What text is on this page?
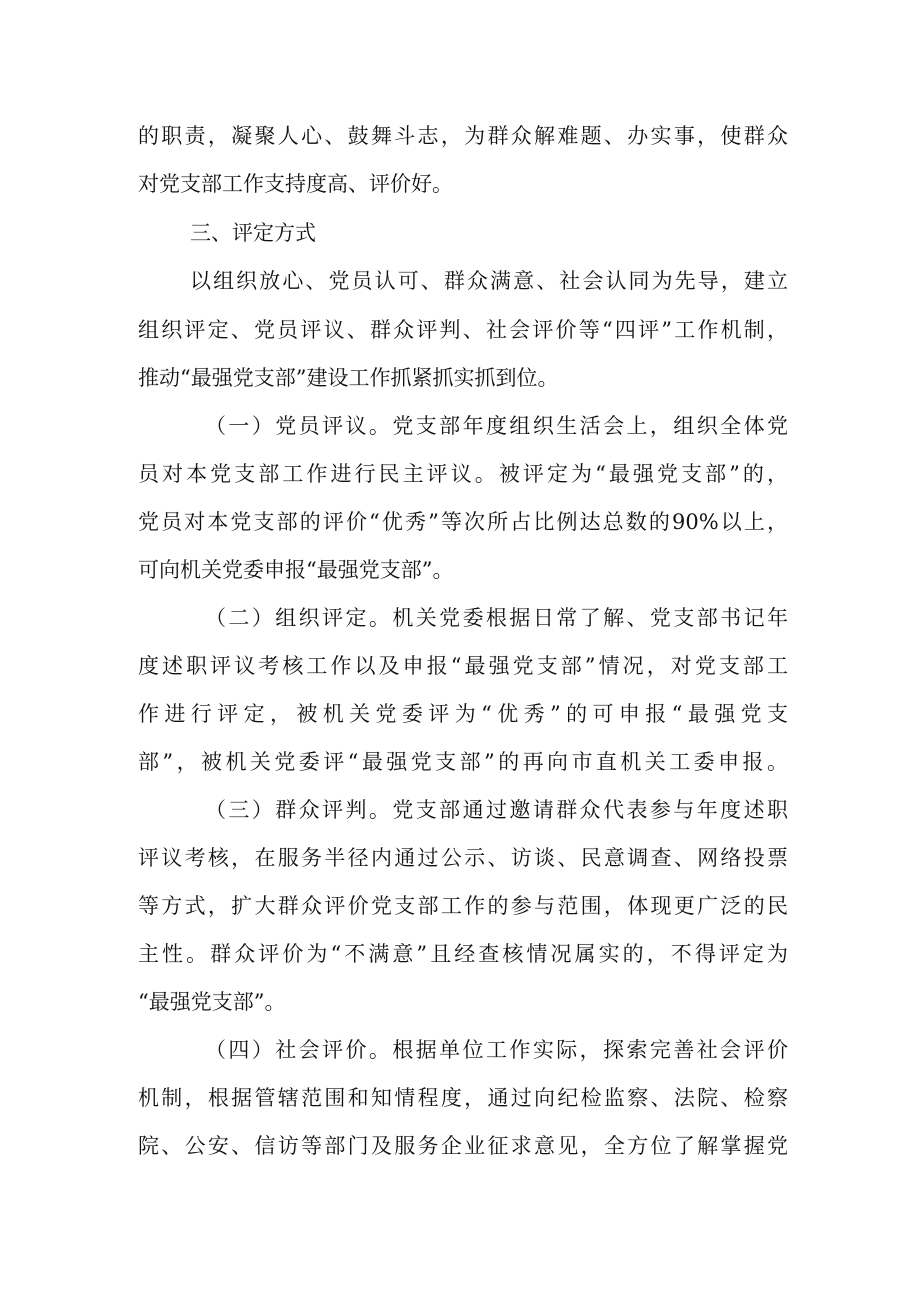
的职责，凝聚人心、鼓舞斗志，为群众解难题、办实事，使群众
对党支部工作支持度高、评价好。
三、评定方式
以组织放心、党员认可、群众满意、社会认同为先导，建立
组织评定、党员评议、群众评判、社会评价等“四评”工作机制，
推动“最强党支部”建设工作抓紧抓实抓到位。
（一）党员评议。党支部年度组织生活会上，组织全体党
员对本党支部工作进行民主评议。被评定为“最强党支部”的，
党员对本党支部的评价“优秀”等次所占比例达总数的90%以上，
可向机关党委申报“最强党支部”。
（二）组织评定。机关党委根据日常了解、党支部书记年
度述职评议考核工作以及申报“最强党支部”情况，对党支部工
作进行评定，被机关党委评为“优秀”的可申报“最强党支
部”，被机关党委评“最强党支部”的再向市直机关工委申报。
（三）群众评判。党支部通过邀请群众代表参与年度述职
评议考核，在服务半径内通过公示、访谈、民意调查、网络投票
等方式，扩大群众评价党支部工作的参与范围，体现更广泛的民
主性。群众评价为“不满意”且经查核情况属实的，不得评定为
“最强党支部”。
（四）社会评价。根据单位工作实际，探索完善社会评价
机制，根据管辖范围和知情程度，通过向纪检监察、法院、检察
院、公安、信访等部门及服务企业征求意见，全方位了解掌握党
